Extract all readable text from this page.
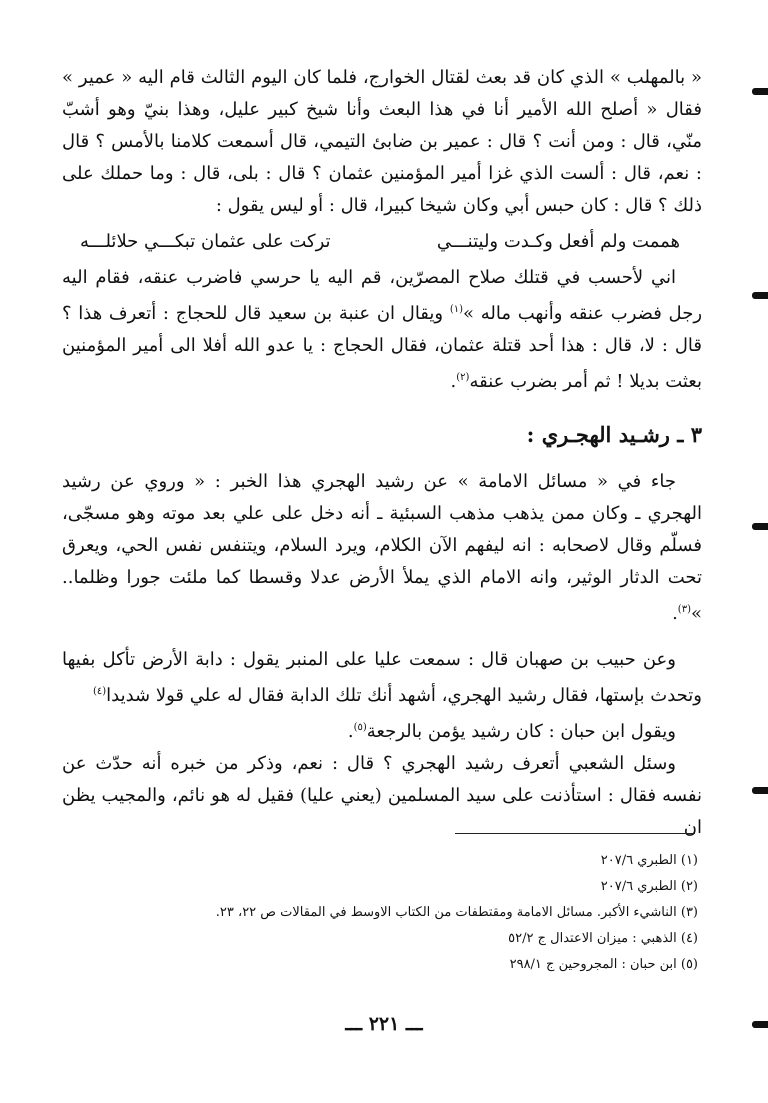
« بالمهلب » الذي كان قد بعث لقتال الخوارج، فلما كان اليوم الثالث قام اليه « عمير » فقال « أصلح الله الأمير أنا في هذا البعث وأنا شيخ كبير عليل، وهذا بنيّ وهو أشبّ منّي، قال : ومن أنت ؟ قال : عمير بن ضابئ التيمي، قال أسمعت كلامنا بالأمس ؟ قال : نعم، قال : ألست الذي غزا أمير المؤمنين عثمان ؟ قال : بلى، قال : وما حملك على ذلك ؟ قال : كان حبس أبي وكان شيخا كبيرا، قال : أو ليس يقول :

هممت ولم أفعل وكـدت وليتنـــي
تركت على عثمان تبكـــي حلائلـــه

اني لأحسب في قتلك صلاح المصرّين، قم اليه يا حرسي فاضرب عنقه، فقام اليه رجل فضرب عنقه وأنهب ماله »$^{(١)}$ ويقال ان عنبة بن سعيد قال للحجاج : أتعرف هذا ؟ قال : لا، قال : هذا أحد قتلة عثمان، فقال الحجاج : يا عدو الله أفلا الى أمير المؤمنين بعثت بديلا ! ثم أمر بضرب عنقه$^{(٢)}$.

٣ ـ رشـيد الهجـري :

جاء في « مسائل الامامة » عن رشيد الهجري هذا الخبر : « وروي عن رشيد الهجري ـ وكان ممن يذهب مذهب السبئية ـ أنه دخل على علي بعد موته وهو مسجّى، فسلّم وقال لاصحابه : انه ليفهم الآن الكلام، ويرد السلام، ويتنفس نفس الحي، ويعرق تحت الدثار الوثير، وانه الامام الذي يملأ الأرض عدلا وقسطا كما ملئت جورا وظلما.. »$^{(٣)}$.

وعن حبيب بن صهبان قال : سمعت عليا على المنبر يقول : دابة الأرض تأكل بفيها وتحدث بإستها، فقال رشيد الهجري، أشهد أنك تلك الدابة فقال له علي قولا شديدا$^{(٤)}$

ويقول ابن حبان : كان رشيد يؤمن بالرجعة$^{(٥)}$.

وسئل الشعبي أتعرف رشيد الهجري ؟ قال : نعم، وذكر من خبره أنه حدّث عن نفسه فقال : استأذنت على سيد المسلمين (يعني عليا) فقيل له هو نائم، والمجيب يظن ان

(١) الطبري ٢٠٧/٦
(٢) الطبري ٢٠٧/٦
(٣) الناشيء الأكبر. مسائل الامامة ومقتطفات من الكتاب الاوسط في المقالات ص ٢٢، ٢٣.
(٤) الذهبي : ميزان الاعتدال ج ٥٢/٢
(٥) ابن حبان : المجروحين ج ٢٩٨/١
ـــ ٢٢١ ـــ
